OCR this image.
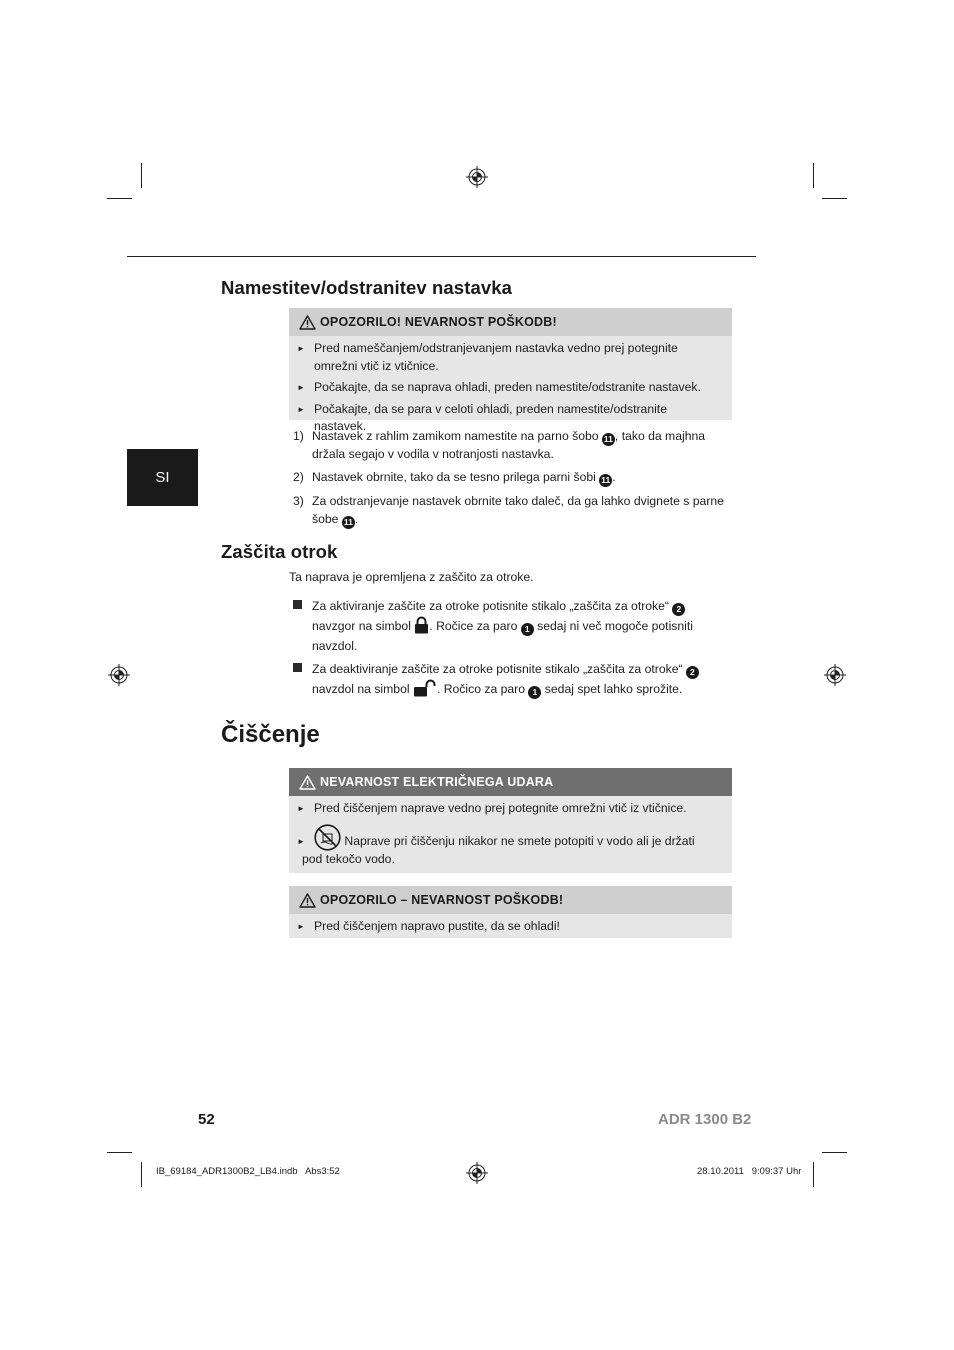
SI
Namestitev/odstranitev nastavka
OPOZORILO! NEVARNOST POŠKODB!
► Pred nameščanjem/odstranjevanjem nastavka vedno prej potegnite omrežni vtič iz vtičnice.
► Počakajte, da se naprava ohladi, preden namestite/odstranite nastavek.
► Počakajte, da se para v celoti ohladi, preden namestite/odstranite nastavek.
1) Nastavek z rahlim zamikom namestite na parno šobo 11 , tako da majhna
držala segajo v vodila v notranjosti nastavka.
2) Nastavek obrnite, tako da se tesno prilega parni šobi 11 .
3) Za odstranjevanje nastavek obrnite tako daleč, da ga lahko dvignete s parne
šobe 11 .
Zaščita otrok
Ta naprava je opremljena z zaščito za otroke.
Za aktiviranje zaščite za otroke potisnite stikalo „zaščita za otroke“ 2
navzgor na simbol . Ročice za paro 1 sedaj ni več mogoče potisniti
navzdol.
Za deaktiviranje zaščite za otroke potisnite stikalo „zaščita za otroke“ 2
navzdol na simbol . Ročico za paro 1 sedaj spet lahko sprožite.
Čiščenje
NEVARNOST ELEKTRIČNEGA UDARA
► Pred čiščenjem naprave vedno prej potegnite omrežni vtič iz vtičnice.
►	Naprave pri čiščenju nikakor ne smete potopiti v vodo ali je držati
pod tekočo vodo.
OPOZORILO – NEVARNOST POŠKODB!
► Pred čiščenjem napravo pustite, da se ohladi!
52	ADR 1300 B2
IB_69184_ADR1300B2_LB4.indb   Abs3:52	28.10.2011   9:09:37 Uhr
